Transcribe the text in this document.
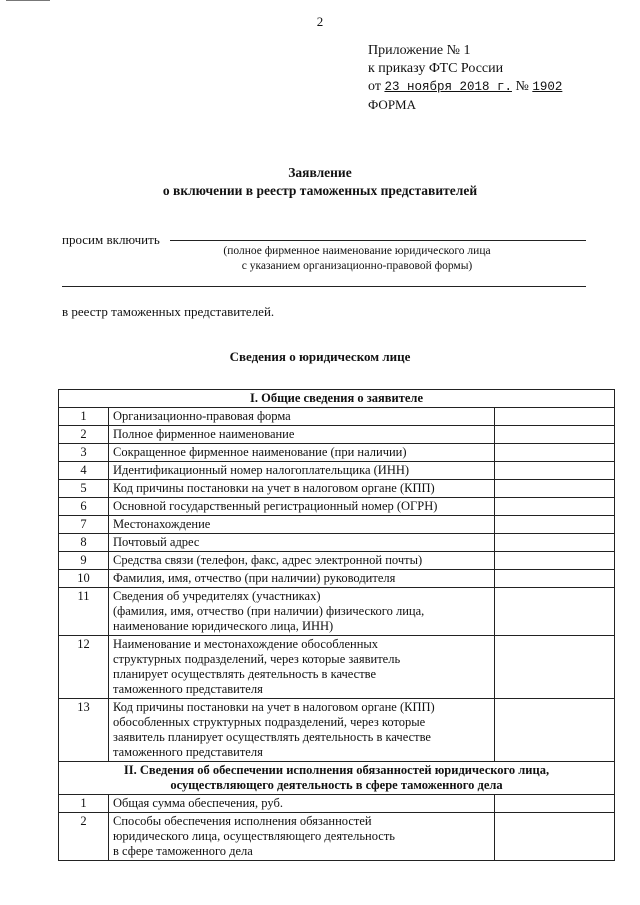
2
Приложение № 1
к приказу ФТС России
от 23 ноября 2018 г. № 1902
ФОРМА
Заявление
о включении в реестр таможенных представителей
просим включить
(полное фирменное наименование юридического лица
с указанием организационно-правовой формы)
в реестр таможенных представителей.
Сведения о юридическом лице
I. Общие сведения о заявителе		
1	Организационно-правовая форма	

2	Полное фирменное наименование	

3	Сокращенное фирменное наименование (при наличии)	

4	Идентификационный номер налогоплательщика (ИНН)	

5	Код причины постановки на учет в налоговом органе (КПП)	

6	Основной государственный регистрационный номер (ОГРН)	

7	Местонахождение	

8	Почтовый адрес	

9	Средства связи (телефон, факс, адрес электронной почты)	

10	Фамилия, имя, отчество (при наличии) руководителя	

11	Сведения об учредителях (участниках)
(фамилия, имя, отчество (при наличии) физического лица,
наименование юридического лица, ИНН)	

12	Наименование и местонахождение обособленных
структурных подразделений, через которые заявитель
планирует осуществлять деятельность в качестве
таможенного представителя	

13	Код причины постановки на учет в налоговом органе (КПП)
обособленных структурных подразделений, через которые
заявитель планирует осуществлять деятельность в качестве
таможенного представителя	

II. Сведения об обеспечении исполнения обязанностей юридического лица,
осуществляющего деятельность в сфере таможенного дела		

1	Общая сумма обеспечения, руб.	

2	Способы обеспечения исполнения обязанностей
юридического лица, осуществляющего деятельность
в сфере таможенного дела	
